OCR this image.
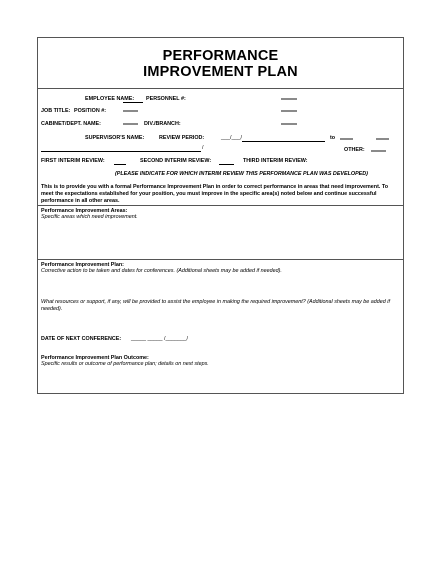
PERFORMANCE
IMPROVEMENT PLAN
EMPLOYEE NAME: PERSONNEL #:
JOB TITLE: POSITION #:
CABINET/DEPT. NAME:	DIV./BRANCH:
SUPERVISOR'S NAME:	REVIEW PERIOD:	___/___/	to
/	OTHER:
FIRST INTERIM REVIEW:	SECOND INTERIM REVIEW:	THIRD INTERIM REVIEW:
(PLEASE INDICATE FOR WHICH INTERIM REVIEW THIS PERFORMANCE PLAN WAS DEVELOPED)
This is to provide you with a formal Performance Improvement Plan in order to correct performance in areas that need improvement. To meet the expectations established for your position, you must improve in the specific area(s) noted below and continue successful performance in all other areas.
Performance Improvement Areas:
Specific areas which need improvement.
Performance Improvement Plan:
Corrective action to be taken and dates for conferences. (Additional sheets may be added if needed).
What resources or support, if any, will be provided to assist the employee in making the required improvement? (Additional sheets may be added if needed).
DATE OF NEXT CONFERENCE: _____ _____ /_______/
Performance Improvement Plan Outcome:
Specific results or outcome of performance plan; details on next steps.
